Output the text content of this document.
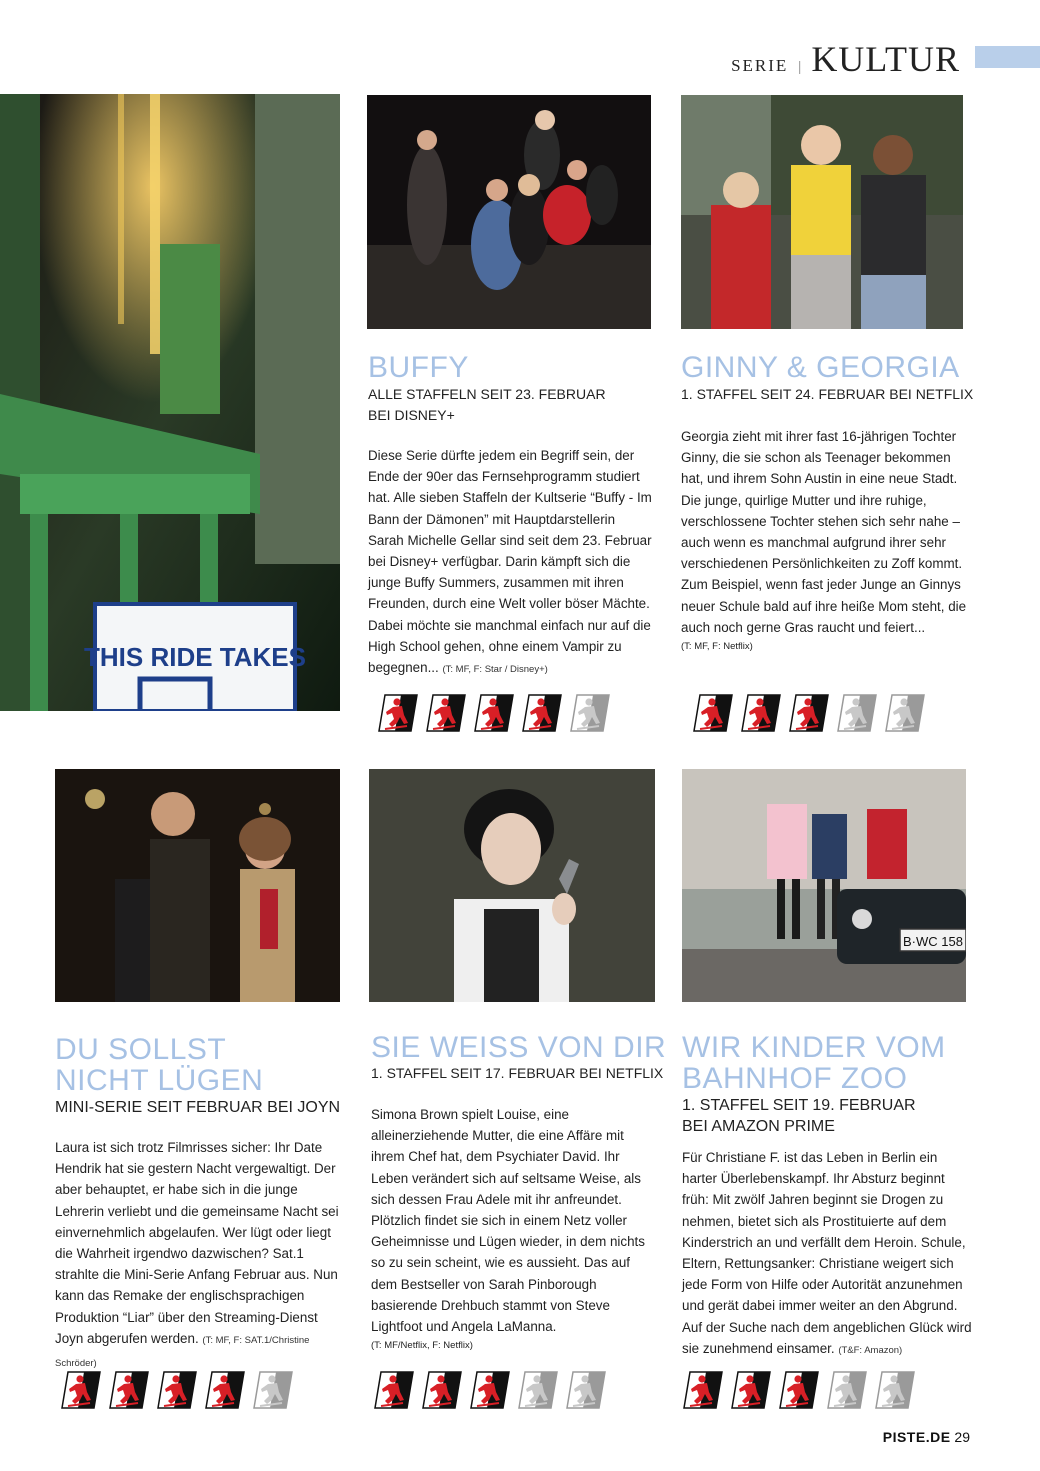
SERIE | KULTUR
THIS RIDE TAKES
BUFFY
ALLE STAFFELN SEIT 23. FEBRUAR
BEI DISNEY+

Diese Serie dürfte jedem ein Begriff sein, der Ende der 90er das Fernsehprogramm studiert hat. Alle sieben Staffeln der Kultserie “Buffy - Im Bann der Dämonen” mit Hauptdarstellerin Sarah Michelle Gellar sind seit dem 23. Februar bei Disney+ verfügbar. Darin kämpft sich die junge Buffy Summers, zusammen mit ihren Freunden, durch eine Welt voller böser Mächte. Dabei möchte sie manchmal einfach nur auf die High School gehen, ohne einem Vampir zu begegnen... (T: MF, F: Star / Disney+)

GINNY & GEORGIA
1. STAFFEL SEIT 24. FEBRUAR BEI NETFLIX

Georgia zieht mit ihrer fast 16-jährigen Tochter Ginny, die sie schon als Teenager bekommen hat, und ihrem Sohn Austin in eine neue Stadt. Die junge, quirlige Mutter und ihre ruhige, verschlossene Tochter stehen sich sehr nahe – auch wenn es manchmal aufgrund ihrer sehr verschiedenen Persönlichkeiten zu Zoff kommt. Zum Beispiel, wenn fast jeder Junge an Ginnys neuer Schule bald auf ihre heiße Mom steht, die auch noch gerne Gras raucht und feiert...
(T: MF, F: Netflix)

B·WC 158
DU SOLLST
NICHT LÜGEN
MINI-SERIE SEIT FEBRUAR BEI JOYN

Laura ist sich trotz Filmrisses sicher: Ihr Date Hendrik hat sie gestern Nacht vergewaltigt. Der aber behauptet, er habe sich in die junge Lehrerin verliebt und die gemeinsame Nacht sei einvernehmlich abgelaufen. Wer lügt oder liegt die Wahrheit irgendwo dazwischen? Sat.1 strahlte die Mini-Serie Anfang Februar aus. Nun kann das Remake der englischsprachigen Produktion “Liar” über den Streaming-Dienst Joyn abgerufen werden. (T: MF, F: SAT.1/Christine Schröder)

SIE WEISS VON DIR
1. STAFFEL SEIT 17. FEBRUAR BEI NETFLIX

Simona Brown spielt Louise, eine alleinerziehende Mutter, die eine Affäre mit ihrem Chef hat, dem Psychiater David. Ihr Leben verändert sich auf seltsame Weise, als sich dessen Frau Adele mit ihr anfreundet. Plötzlich findet sie sich in einem Netz voller Geheimnisse und Lügen wieder, in dem nichts so zu sein scheint, wie es aussieht. Das auf dem Bestseller von Sarah Pinborough basierende Drehbuch stammt von Steve Lightfoot und Angela LaManna.
(T: MF/Netflix, F: Netflix)

WIR KINDER VOM
BAHNHOF ZOO
1. STAFFEL SEIT 19. FEBRUAR
BEI AMAZON PRIME

Für Christiane F. ist das Leben in Berlin ein harter Überlebenskampf. Ihr Absturz beginnt früh: Mit zwölf Jahren beginnt sie Drogen zu nehmen, bietet sich als Prostituierte auf dem Kinderstrich an und verfällt dem Heroin. Schule, Eltern, Rettungsanker: Christiane weigert sich jede Form von Hilfe oder Autorität anzunehmen und gerät dabei immer weiter an den Abgrund. Auf der Suche nach dem angeblichen Glück wird sie zunehmend einsamer. (T&F: Amazon)

PISTE.DE 29
